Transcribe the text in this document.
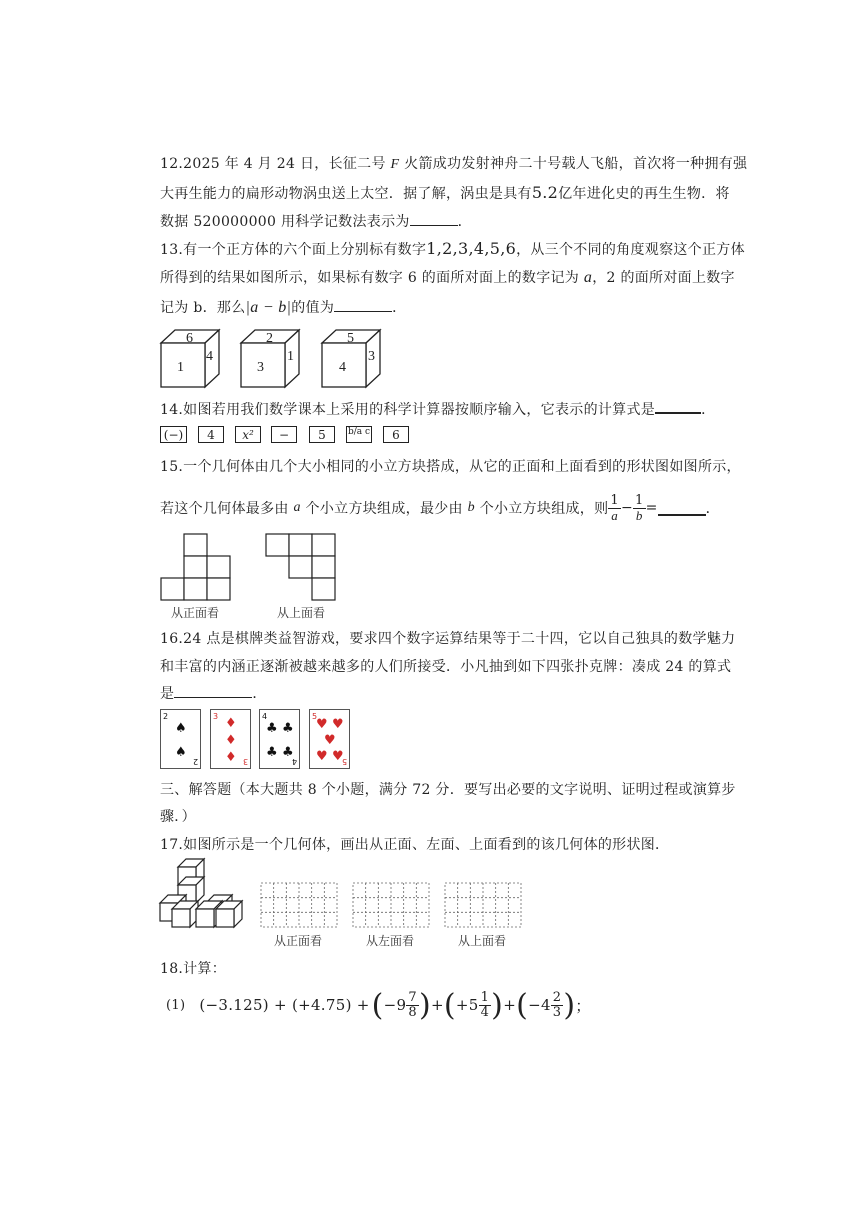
12.2025 年 4 月 24 日，长征二号 F 火箭成功发射神舟二十号载人飞船，首次将一种拥有强
大再生能力的扁形动物涡虫送上太空．据了解，涡虫是具有5.2亿年进化史的再生生物．将
数据 520000000 用科学记数法表示为	．
13.有一个正方体的六个面上分别标有数字1,2,3,4,5,6，从三个不同的角度观察这个正方体
所得到的结果如图所示，如果标有数字 6 的面所对面上的数字记为 a，2 的面所对面上数字
记为 b．那么|a − b|的值为	．
6
1
4
2
3
1
5
4
3
14.如图若用我们数学课本上采用的科学计算器按顺序输入，它表示的计算式是	．
(−)	4	x²	−	5	b/a c	6
15.一个几何体由几个大小相同的小立方块搭成，从它的正面和上面看到的形状图如图所示，
若这个几何体最多由
a
个小立方块组成，最少由
b
个小立方块组成，则 $\frac{1}{a} - \frac{1}{b}$ =	．
从正面看	从上面看
16.24 点是棋牌类益智游戏，要求四个数字运算结果等于二十四，它以自己独具的数学魅力
和丰富的内涵正逐渐被越来越多的人们所接受．小凡抽到如下四张扑克牌：凑成 24 的算式
是	．
2
2
♠
♠
3
3
♦
♦
♦
4
4
♣ ♣
♣ ♣
5
5
♥ ♥
♥
♥ ♥
三、解答题（本大题共 8 个小题，满分 72 分．要写出必要的文字说明、证明过程或演算步
骤．）
17.如图所示是一个几何体，画出从正面、左面、上面看到的该几何体的形状图．
从正面看	从左面看	从上面看
18.计算：
(1) (−3.125) + (+4.75) + ( $-9 \frac{7}{8}$ ) + ( $+5 \frac{1}{4}$ ) + ( $-4 \frac{2}{3}$ ) ；
